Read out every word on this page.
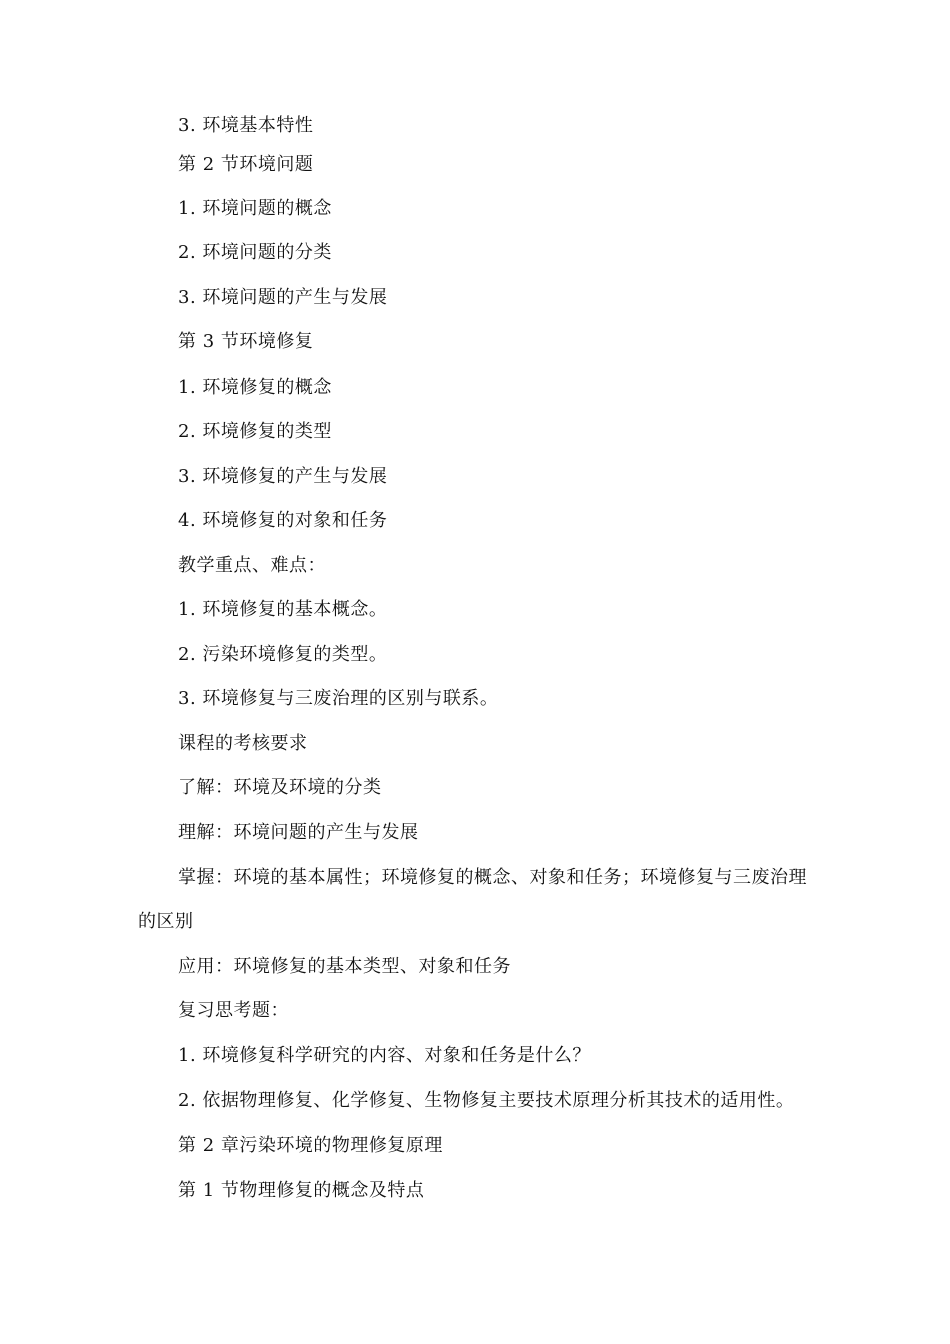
3. 环境基本特性
第 2 节环境问题
1. 环境问题的概念
2. 环境问题的分类
3. 环境问题的产生与发展
第 3 节环境修复
1. 环境修复的概念
2. 环境修复的类型
3. 环境修复的产生与发展
4. 环境修复的对象和任务
教学重点、难点：
1. 环境修复的基本概念。
2. 污染环境修复的类型。
3. 环境修复与三废治理的区别与联系。
课程的考核要求
了解：环境及环境的分类
理解：环境问题的产生与发展
掌握：环境的基本属性；环境修复的概念、对象和任务；环境修复与三废治理的区别
应用：环境修复的基本类型、对象和任务
复习思考题：
1. 环境修复科学研究的内容、对象和任务是什么？
2. 依据物理修复、化学修复、生物修复主要技术原理分析其技术的适用性。
第 2 章污染环境的物理修复原理
第 1 节物理修复的概念及特点
